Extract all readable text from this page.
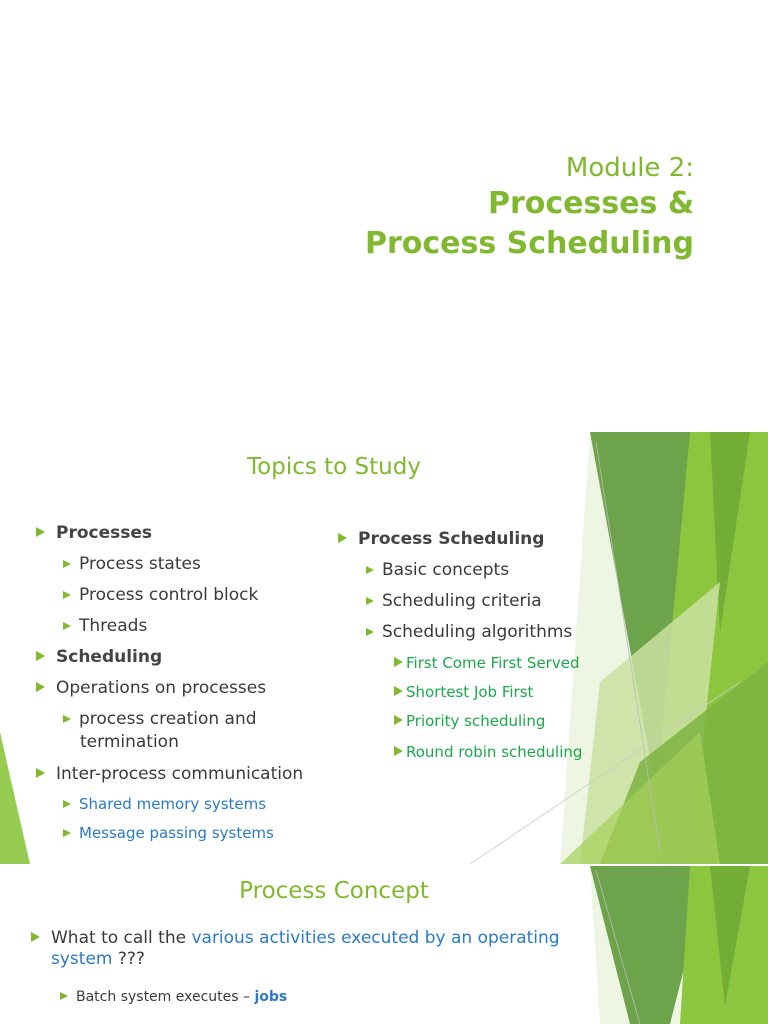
Module 2:
Processes &
Process Scheduling
Topics to Study
Processes
Process states
Process control block
Threads
Scheduling
Operations on processes
process creation and
termination
Inter-process communication
Shared memory systems
Message passing systems
Process Scheduling
Basic concepts
Scheduling criteria
Scheduling algorithms
First Come First Served
Shortest Job First
Priority scheduling
Round robin scheduling
Process Concept
What to call the various activities executed by an operating
system ???
Batch system executes – jobs
